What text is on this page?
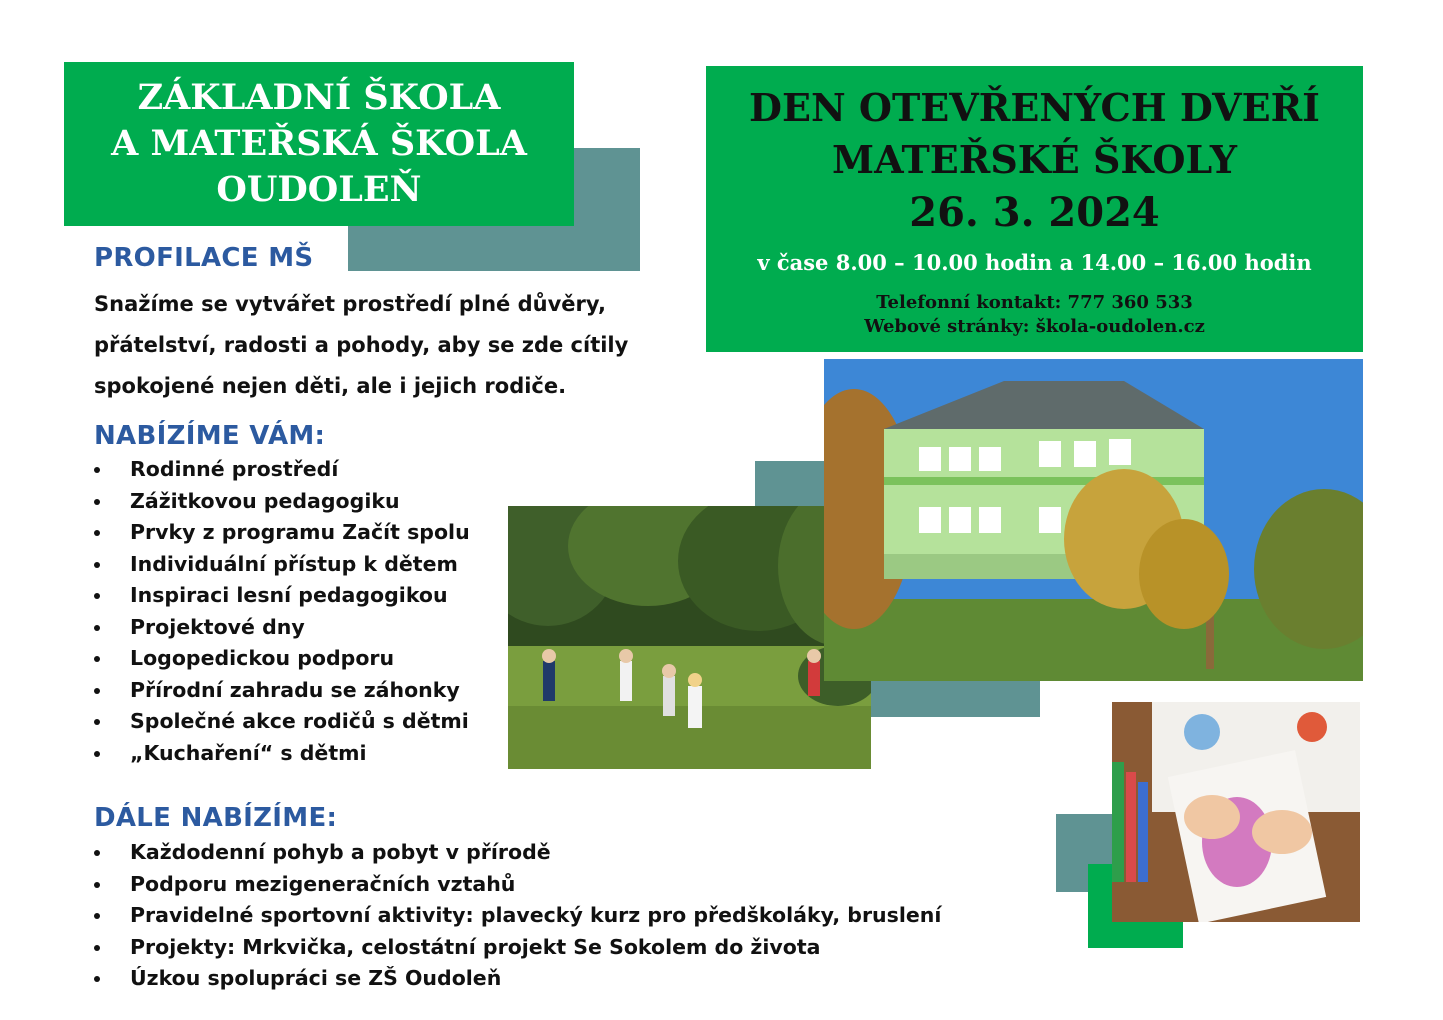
ZÁKLADNÍ ŠKOLA
A MATEŘSKÁ ŠKOLA
OUDOLEŇ
DEN OTEVŘENÝCH DVEŘÍ
MATEŘSKÉ ŠKOLY
26. 3. 2024
v čase 8.00 – 10.00 hodin a 14.00 – 16.00 hodin
Telefonní kontakt: 777 360 533
Webové stránky: škola-oudolen.cz
PROFILACE MŠ
Snažíme se vytvářet prostředí plné důvěry,
přátelství, radosti a pohody, aby se zde cítily
spokojené nejen děti, ale i jejich rodiče.
NABÍZÍME VÁM:
Rodinné prostředí
Zážitkovou pedagogiku
Prvky z programu Začít spolu
Individuální přístup k dětem
Inspiraci lesní pedagogikou
Projektové dny
Logopedickou podporu
Přírodní zahradu se záhonky
Společné akce rodičů s dětmi
„Kuchaření“ s dětmi
DÁLE NABÍZÍME:
Každodenní pohyb a pobyt v přírodě
Podporu mezigeneračních vztahů
Pravidelné sportovní aktivity: plavecký kurz pro předškoláky, bruslení
Projekty: Mrkvička, celostátní projekt Se Sokolem do života
Úzkou spolupráci se ZŠ Oudoleň
